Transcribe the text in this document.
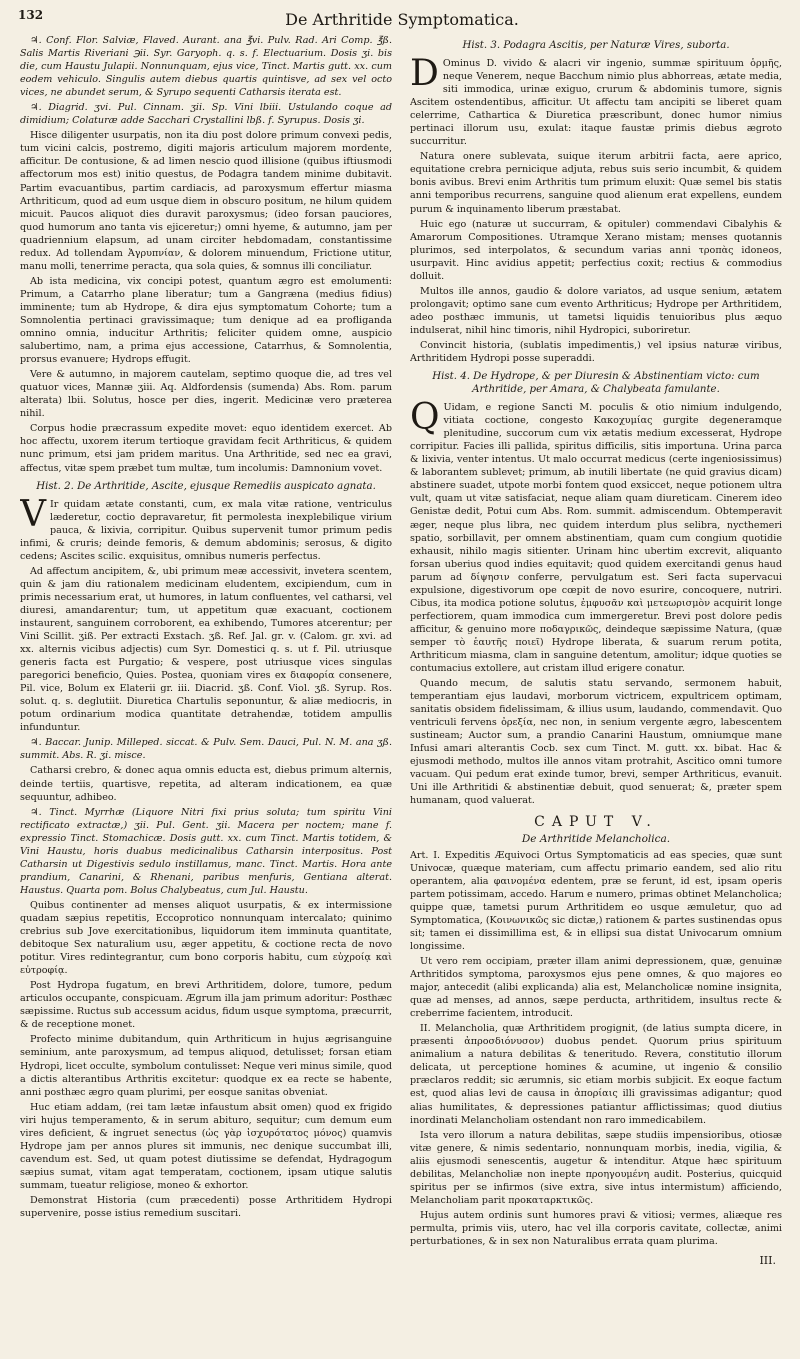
132	De Arthritide Symptomatica.

♃. Conf. Flor. Salviæ, Flaved. Aurant. ana ℥vi. Pulv. Rad. Ari Comp. ℥ß. Salis Martis Riveriani ℈ii. Syr. Garyoph. q. s. f. Electuarium. Dosis ʒi. bis die, cum Haustu Julapii. Nonnunquam, ejus vice, Tinct. Martis gutt. xx. cum eodem vehiculo. Singulis autem diebus quartis quintisve, ad sex vel octo vices, ne abundet serum, & Syrupo sequenti Catharsis iterata est.

♃. Diagrid. ʒvi. Pul. Cinnam. ʒii. Sp. Vini lbiii. Ustulando coque ad dimidium; Colaturæ adde Sacchari Crystallini lbß. f. Syrupus. Dosis ʒi.

Hisce diligenter usurpatis, non ita diu post dolore primum convexi pedis, tum vicini calcis, postremo, digiti majoris articulum majorem mordente, afficitur. De contusione, & ad limen nescio quod illisione (quibus iftiusmodi affectorum mos est) initio questus, de Podagra tandem minime dubitavit. Partim evacuantibus, partim cardiacis, ad paroxysmum effertur miasma Arthriticum, quod ad eum usque diem in obscuro positum, ne hilum quidem micuit. Paucos aliquot dies duravit paroxysmus; (ideo forsan pauciores, quod humorum ano tanta vis ejiceretur;) omni hyeme, & autumno, jam per quadriennium elapsum, ad unam circiter hebdomadam, constantissime redux. Ad tollendam Ἀγρυπνίαν, & dolorem minuendum, Frictione utitur, manu molli, tenerrime peracta, qua sola quies, & somnus illi conciliatur.

Ab ista medicina, vix concipi potest, quantum ægro est emolumenti: Primum, a Catarrho plane liberatur; tum a Gangræna (medius fidius) imminente; tum ab Hydrope, & dira ejus symptomatum Cohorte; tum a Somnolentia pertinaci gravissimaque; tum denique ad ea profliganda omnino omnia, inducitur Arthritis; feliciter quidem omne, auspicio salubertimo, nam, a prima ejus accessione, Catarrhus, & Somnolentia, prorsus evanuere; Hydrops effugit.

Vere & autumno, in majorem cautelam, septimo quoque die, ad tres vel quatuor vices, Mannæ ʒiii. Aq. Aldfordensis (sumenda) Abs. Rom. parum alterata) lbii. Solutus, hosce per dies, ingerit. Medicinæ vero præterea nihil.

Corpus hodie præcrassum expedite movet: equo identidem exercet. Ab hoc affectu, uxorem iterum tertioque gravidam fecit Arthriticus, & quidem nunc primum, etsi jam pridem maritus. Una Arthritide, sed nec ea gravi, affectus, vitæ spem præbet tum multæ, tum incolumis: Damnonium vovet.

Hist. 2. De Arthritide, Ascite, ejusque Remediis auspicato agnata.

V Ir quidam ætate constanti, cum, ex mala vitæ ratione, ventriculus læderetur, coctio depravaretur, fit permolesta inexplebilique virium pauca, & lixivia, corripitur. Quibus supervenit tumor primum pedis infimi, & cruris; deinde femoris, & demum abdominis; serosus, & digito cedens; Ascites scilic. exquisitus, omnibus numeris perfectus.

Ad affectum ancipitem, &, ubi primum meæ accessivit, invetera scentem, quin & jam diu rationalem medicinam eludentem, excipiendum, cum in primis necessarium erat, ut humores, in latum confluentes, vel catharsi, vel diuresi, amandarentur; tum, ut appetitum quæ exacuant, coctionem instaurent, sanguinem corroborent, ea exhibendo, Tumores atcerentur; per Vini Scillit. ʒiß. Per extracti Exstach. ʒß. Ref. Jal. gr. v. (Calom. gr. xvi. ad xx. alternis vicibus adjectis) cum Syr. Domestici q. s. ut f. Pil. utriusque generis facta est Purgatio; & vespere, post utriusque vices singulas paregorici beneficio, Quies. Postea, quoniam vires ex διαφορία consenere, Pil. vice, Bolum ex Elaterii gr. iii. Diacrid. ʒß. Conf. Viol. ʒß. Syrup. Ros. solut. q. s. deglutiit. Diuretica Chartulis seponuntur, & aliæ mediocris, in potum ordinarium modica quantitate detrahendæ, totidem ampullis infunduntur.

♃. Baccar. Junip. Milleped. siccat. & Pulv. Sem. Dauci, Pul. N. M. ana ʒß. summit. Abs. R. ʒi. misce.

Catharsi crebro, & donec aqua omnis educta est, diebus primum alternis, deinde tertiis, quartisve, repetita, ad alteram indicationem, ea quæ sequuntur, adhibeo.

♃. Tinct. Myrrhæ (Liquore Nitri fixi prius soluta; tum spiritu Vini rectificato extractæ,) ʒii. Pul. Gent. ʒii. Macera per noctem; mane f. expressio Tinct. Stomachicæ. Dosis gutt. xx. cum Tinct. Martis totidem, & Vini Haustu, horis duabus medicinalibus Catharsin interpositus. Post Catharsin ut Digestivis sedulo instillamus, manc. Tinct. Martis. Hora ante prandium, Canarini, & Rhenani, paribus menfuris, Gentiana alterat. Haustus. Quarta pom. Bolus Chalybeatus, cum Jul. Haustu.

Quibus continenter ad menses aliquot usurpatis, & ex intermissione quadam sæpius repetitis, Eccoprotico nonnunquam intercalato; quinimo crebrius sub Jove exercitationibus, liquidorum item imminuta quantitate, debitoque Sex naturalium usu, æger appetitu, & coctione recta de novo potitur. Vires redintegrantur, cum bono corporis habitu, cum εὐχροίᾳ καὶ εὐτροφίᾳ.

Post Hydropa fugatum, en brevi Arthritidem, dolore, tumore, pedum articulos occupante, conspicuam. Ægrum illa jam primum adoritur: Posthæc sæpissime. Ructus sub accessum acidus, fidum usque symptoma, præcurrit, & de receptione monet.

Profecto minime dubitandum, quin Arthriticum in hujus ægrisanguine seminium, ante paroxysmum, ad tempus aliquod, detulisset; forsan etiam Hydropi, licet occulte, symbolum contulisset: Neque veri minus simile, quod a dictis alterantibus Arthritis excitetur: quodque ex ea recte se habente, anni posthæc ægro quam plurimi, per eosque sanitas obveniat.

Huc etiam addam, (rei tam lætæ infaustum absit omen) quod ex frigido viri hujus temperamento, & in serum abituro, sequitur; cum demum eum vires deficient, & ingruet senectus (ὡς γὰρ ἰσχυρότατος μόνος) quamvis Hydrope jam per annos plures sit immunis, nec denique succumbat illi, cavendum est. Sed, ut quam potest diutissime se defendat, Hydragogum sæpius sumat, vitam agat temperatam, coctionem, ipsam utique salutis summam, tueatur religiose, moneo & exhortor.

Demonstrat Historia (cum præcedenti) posse Arthritidem Hydropi supervenire, posse istius remedium suscitari.

Hist. 3. Podagra Ascitis, per Naturæ Vires, suborta.

D Ominus D. vivido & alacri vir ingenio, summæ spirituum ὁρμῆς, neque Venerem, neque Bacchum nimio plus abhorreas, ætate media, siti immodica, urinæ exiguo, crurum & abdominis tumore, signis Ascitem ostendentibus, afficitur. Ut affectu tam ancipiti se liberet quam celerrime, Cathartica & Diuretica præscribunt, donec humor nimius pertinaci illorum usu, exulat: itaque faustæ primis diebus ægroto succurritur.

Natura onere sublevata, suique iterum arbitrii facta, aere aprico, equitatione crebra pernicique adjuta, rebus suis serio incumbit, & quidem bonis avibus. Brevi enim Arthritis tum primum eluxit: Quæ semel bis statis anni temporibus recurrens, sanguine quod alienum erat expellens, eundem purum & inquinamento liberum præstabat.

Huic ego (naturæ ut succurram, & opituler) commendavi Cibalyhis & Amarorum Compositiones. Utramque Xerano mistam; menses quotannis plurimos, sed interpolatos, & secundum varias anni τροπὰς idoneos, usurpavit. Hinc avidius appetit; perfectius coxit; rectius & commodius dolluit.

Multos ille annos, gaudio & dolore variatos, ad usque senium, ætatem prolongavit; optimo sane cum evento Arthriticus; Hydrope per Arthritidem, adeo posthæc immunis, ut tametsi liquidis tenuioribus plus æquo indulserat, nihil hinc timoris, nihil Hydropici, suboriretur.

Convincit historia, (sublatis impedimentis,) vel ipsius naturæ viribus, Arthritidem Hydropi posse superaddi.

Hist. 4. De Hydrope, & per Diuresin & Abstinentiam victo: cum Arthritide, per Amara, & Chalybeata famulante.

Q Uidam, e regione Sancti M. poculis & otio nimium indulgendo, vitiata coctione, congesto Κακοχυμίας gurgite degeneramque plenitudine, succorum cum vix ætatis medium excesserat, Hydrope corripitur. Facies illi pallida, spiritus difficilis, sitis importuna. Urina parca & lixivia, venter intentus. Ut malo occurrat medicus (certe ingeniosissimus) & laborantem sublevet; primum, ab inutili libertate (ne quid gravius dicam) abstinere suadet, utpote morbi fontem quod exsiccet, neque potionem ultra vult, quam ut vitæ satisfaciat, neque aliam quam diureticam. Cinerem ideo Genistæ dedit, Potui cum Abs. Rom. summit. admiscendum. Obtemperavit æger, neque plus libra, nec quidem interdum plus selibra, nycthemeri spatio, sorbillavit, per omnem abstinentiam, quam cum congium quotidie exhausit, nihilo magis sitienter. Urinam hinc ubertim excrevit, aliquanto forsan uberius quod indies equitavit; quod quidem exercitandi genus haud parum ad δίψησιν conferre, pervulgatum est. Seri facta supervacui expulsione, digestivorum ope cœpit de novo esurire, concoquere, nutriri. Cibus, ita modica potione solutus, ἐμφυσᾶν καὶ μετεωρισμὸν acquirit longe perfectiorem, quam immodica cum immergeretur. Brevi post dolore pedis afficitur, & genuino more ποδαγρικῶς, deindeque sæpissime Natura, (quæ semper τὸ ἑαυτῆς ποιεῖ) Hydrope liberata, & suarum rerum potita, Arthriticum miasma, clam in sanguine detentum, amolitur; idque quoties se contumacius extollere, aut cristam illud erigere conatur.

Quando mecum, de salutis statu servando, sermonem habuit, temperantiam ejus laudavi, morborum victricem, expultricem optimam, sanitatis obsidem fidelissimam, & illius usum, laudando, commendavit. Quo ventriculi fervens ὀρεξία, nec non, in senium vergente ægro, labescentem sustineam; Auctor sum, a prandio Canarini Haustum, omniumque mane Infusi amari alterantis Cocb. sex cum Tinct. M. gutt. xx. bibat. Hac & ejusmodi methodo, multos ille annos vitam protrahit, Ascitico omni tumore vacuam. Qui pedum erat exinde tumor, brevi, semper Arthriticus, evanuit. Uni ille Arthritidi & abstinentiæ debuit, quod senuerat; &, præter spem humanam, quod valuerat.

CAPUT V.
De Arthritide Melancholica.

Art. I. Expeditis Æquivoci Ortus Symptomaticis ad eas species, quæ sunt Univocæ, quæque materiam, cum affectu primario eandem, sed alio ritu operantem, alia φαινομένα edentem, præ se ferunt, id est, ipsam operis partem potissimam, accedo. Harum e numero, primas obtinet Melancholica; quippe quæ, tametsi purum Arthritidem eo usque æmuletur, quo ad Symptomatica, (Κοινωνικῶς sic dictæ,) rationem & partes sustinendas opus sit; tamen ei dissimillima est, & in ellipsi sua distat Univocarum omnium longissime.

Ut vero rem occipiam, præter illam animi depressionem, quæ, genuinæ Arthritidos symptoma, paroxysmos ejus pene omnes, & quo majores eo major, antecedit (alibi explicanda) alia est, Melancholicæ nomine insignita, quæ ad menses, ad annos, sæpe perducta, arthritidem, insultus recte & creberrime facientem, introducit.

II. Melancholia, quæ Arthritidem progignit, (de latius sumpta dicere, in præsenti ἀπροσδιόνυσον) duobus pendet. Quorum prius spirituum animalium a natura debilitas & teneritudo. Revera, constitutio illorum delicata, ut perceptione homines & acumine, ut ingenio & consilio præclaros reddit; sic ærumnis, sic etiam morbis subjicit. Ex eoque factum est, quod alias levi de causa in ἀπορίαις illi gravissimas adigantur; quod alias humilitates, & depressiones patiantur afflictissimas; quod diutius inordinati Melancholiam ostendant non raro immedicabilem.

Ista vero illorum a natura debilitas, sæpe studiis impensioribus, otiosæ vitæ genere, & nimis sedentario, nonnunquam morbis, inedia, vigilia, & aliis ejusmodi senescentis, augetur & intenditur. Atque hæc spirituum debilitas, Melancholiæ non inepte προηγουμένη audit. Posterius, quicquid spiritus per se infirmos (sive extra, sive intus intermistum) afficiendo, Melancholiam parit προκαταρκτικῶς.

Hujus autem ordinis sunt humores pravi & vitiosi; vermes, aliæque res permulta, primis viis, utero, hac vel illa corporis cavitate, collectæ, animi perturbationes, & in sex non Naturalibus errata quam plurima.

III.
